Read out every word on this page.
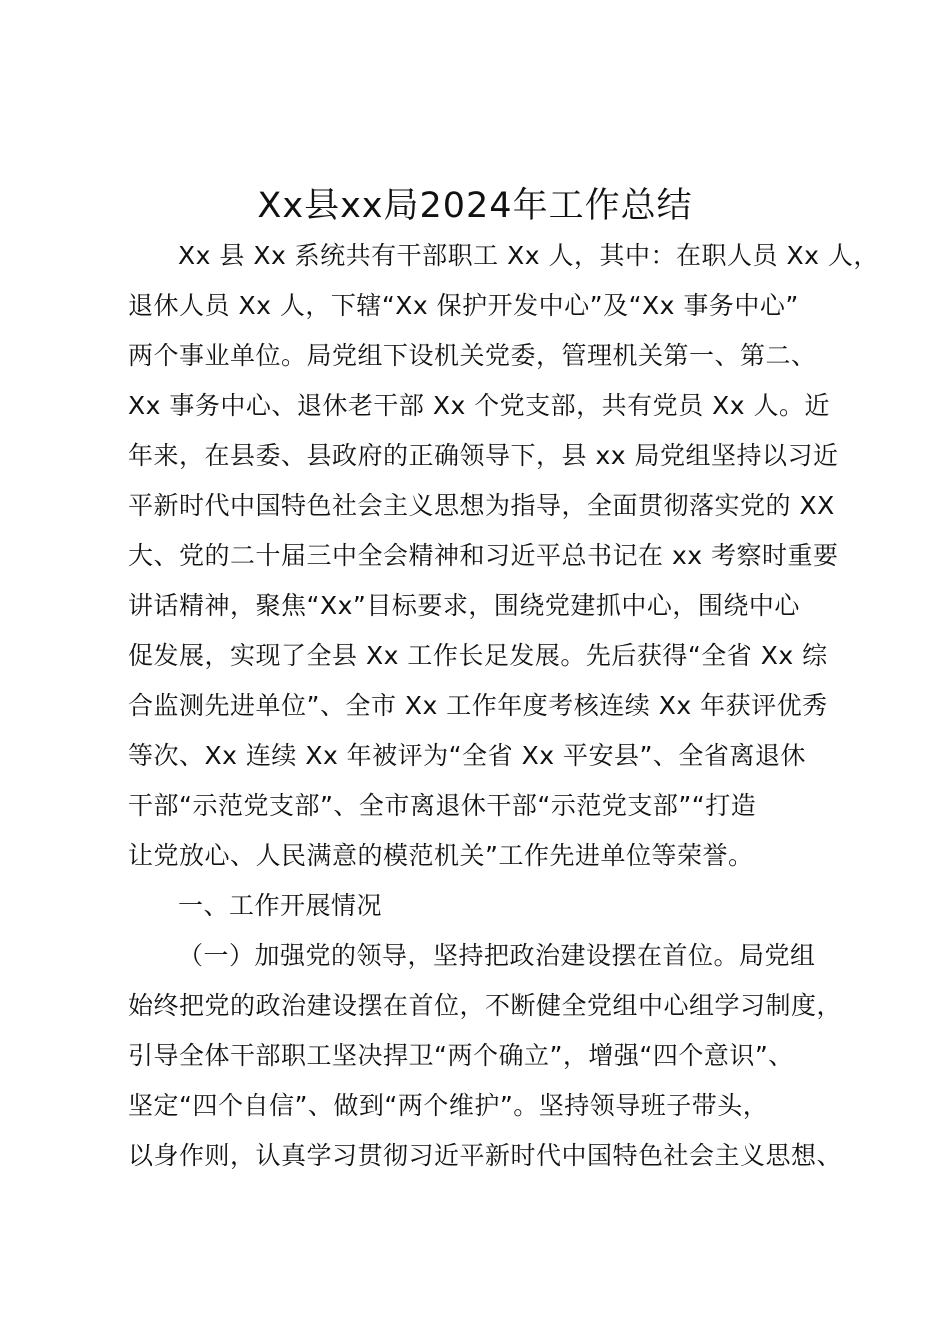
Xx县xx局2024年工作总结
Xx 县 Xx 系统共有干部职工 Xx 人，其中：在职人员 Xx 人，
退休人员 Xx 人，下辖“Xx 保护开发中心”及“Xx 事务中心”
两个事业单位。局党组下设机关党委，管理机关第一、第二、
Xx 事务中心、退休老干部 Xx 个党支部，共有党员 Xx 人。近
年来，在县委、县政府的正确领导下，县 xx 局党组坚持以习近
平新时代中国特色社会主义思想为指导，全面贯彻落实党的 XX
大、党的二十届三中全会精神和习近平总书记在 xx 考察时重要
讲话精神，聚焦“Xx”目标要求，围绕党建抓中心，围绕中心
促发展，实现了全县 Xx 工作长足发展。先后获得“全省 Xx 综
合监测先进单位”、全市 Xx 工作年度考核连续 Xx 年获评优秀
等次、Xx 连续 Xx 年被评为“全省 Xx 平安县”、全省离退休
干部“示范党支部”、全市离退休干部“示范党支部”“打造
让党放心、人民满意的模范机关”工作先进单位等荣誉。
一、工作开展情况
（一）加强党的领导，坚持把政治建设摆在首位。局党组
始终把党的政治建设摆在首位，不断健全党组中心组学习制度，
引导全体干部职工坚决捍卫“两个确立”，增强“四个意识”、
坚定“四个自信”、做到“两个维护”。坚持领导班子带头，
以身作则，认真学习贯彻习近平新时代中国特色社会主义思想、
